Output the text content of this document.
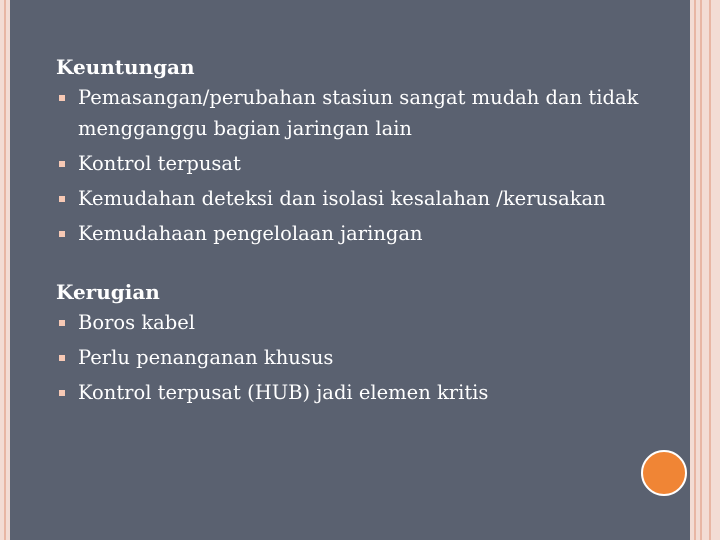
Keuntungan
Pemasangan/perubahan stasiun sangat mudah dan tidak mengganggu bagian jaringan lain
Kontrol terpusat
Kemudahan deteksi dan isolasi kesalahan /kerusakan
Kemudahaan pengelolaan jaringan
Kerugian
Boros kabel
Perlu penanganan khusus
Kontrol terpusat (HUB) jadi elemen kritis
